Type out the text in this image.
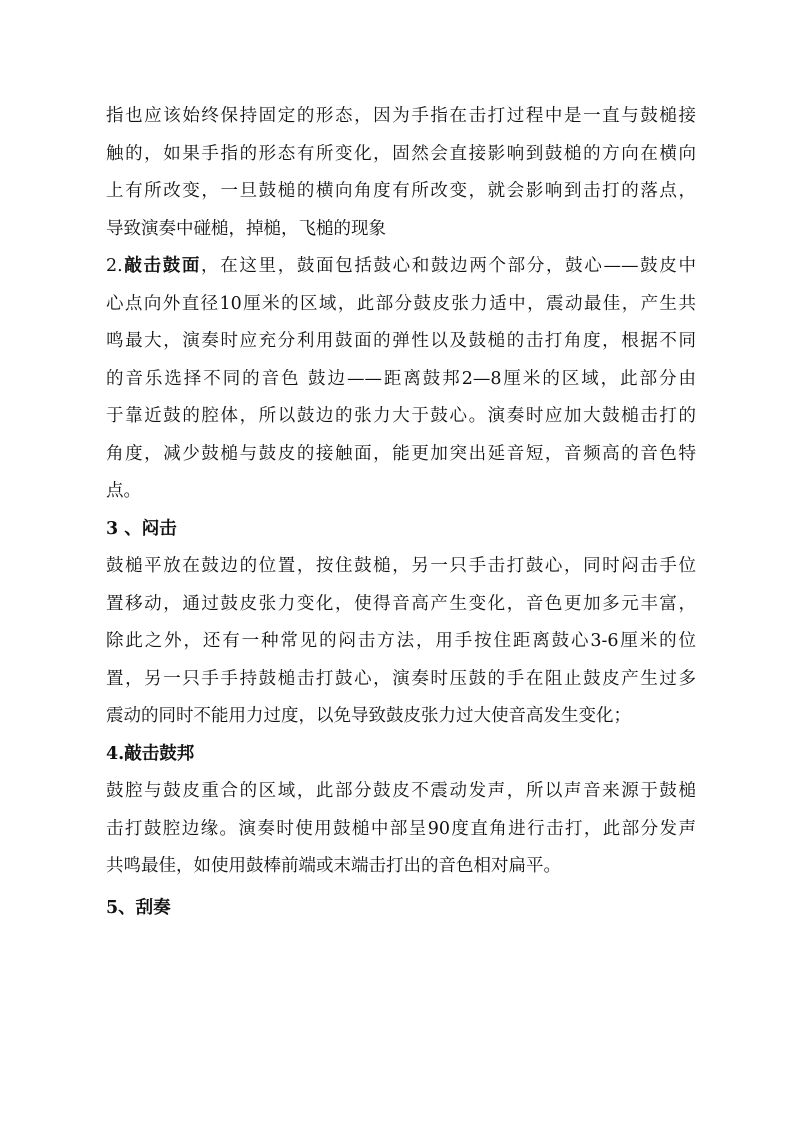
指也应该始终保持固定的形态，因为手指在击打过程中是一直与鼓槌接
触的，如果手指的形态有所变化，固然会直接影响到鼓槌的方向在横向
上有所改变，一旦鼓槌的横向角度有所改变，就会影响到击打的落点，
导致演奏中碰槌，掉槌，飞槌的现象
2.敲击鼓面，在这里，鼓面包括鼓心和鼓边两个部分，鼓心——鼓皮中
心点向外直径10厘米的区域，此部分鼓皮张力适中，震动最佳，产生共
鸣最大，演奏时应充分利用鼓面的弹性以及鼓槌的击打角度，根据不同
的音乐选择不同的音色 鼓边——距离鼓邦2—8厘米的区域，此部分由
于靠近鼓的腔体，所以鼓边的张力大于鼓心。演奏时应加大鼓槌击打的
角度，减少鼓槌与鼓皮的接触面，能更加突出延音短，音频高的音色特
点。
3 、闷击
鼓槌平放在鼓边的位置，按住鼓槌，另一只手击打鼓心，同时闷击手位
置移动，通过鼓皮张力变化，使得音高产生变化，音色更加多元丰富，
除此之外，还有一种常见的闷击方法，用手按住距离鼓心3-6厘米的位
置，另一只手手持鼓槌击打鼓心，演奏时压鼓的手在阻止鼓皮产生过多
震动的同时不能用力过度，以免导致鼓皮张力过大使音高发生变化；
4.敲击鼓邦
鼓腔与鼓皮重合的区域，此部分鼓皮不震动发声，所以声音来源于鼓槌
击打鼓腔边缘。演奏时使用鼓槌中部呈90度直角进行击打，此部分发声
共鸣最佳，如使用鼓棒前端或末端击打出的音色相对扁平。
5、刮奏
